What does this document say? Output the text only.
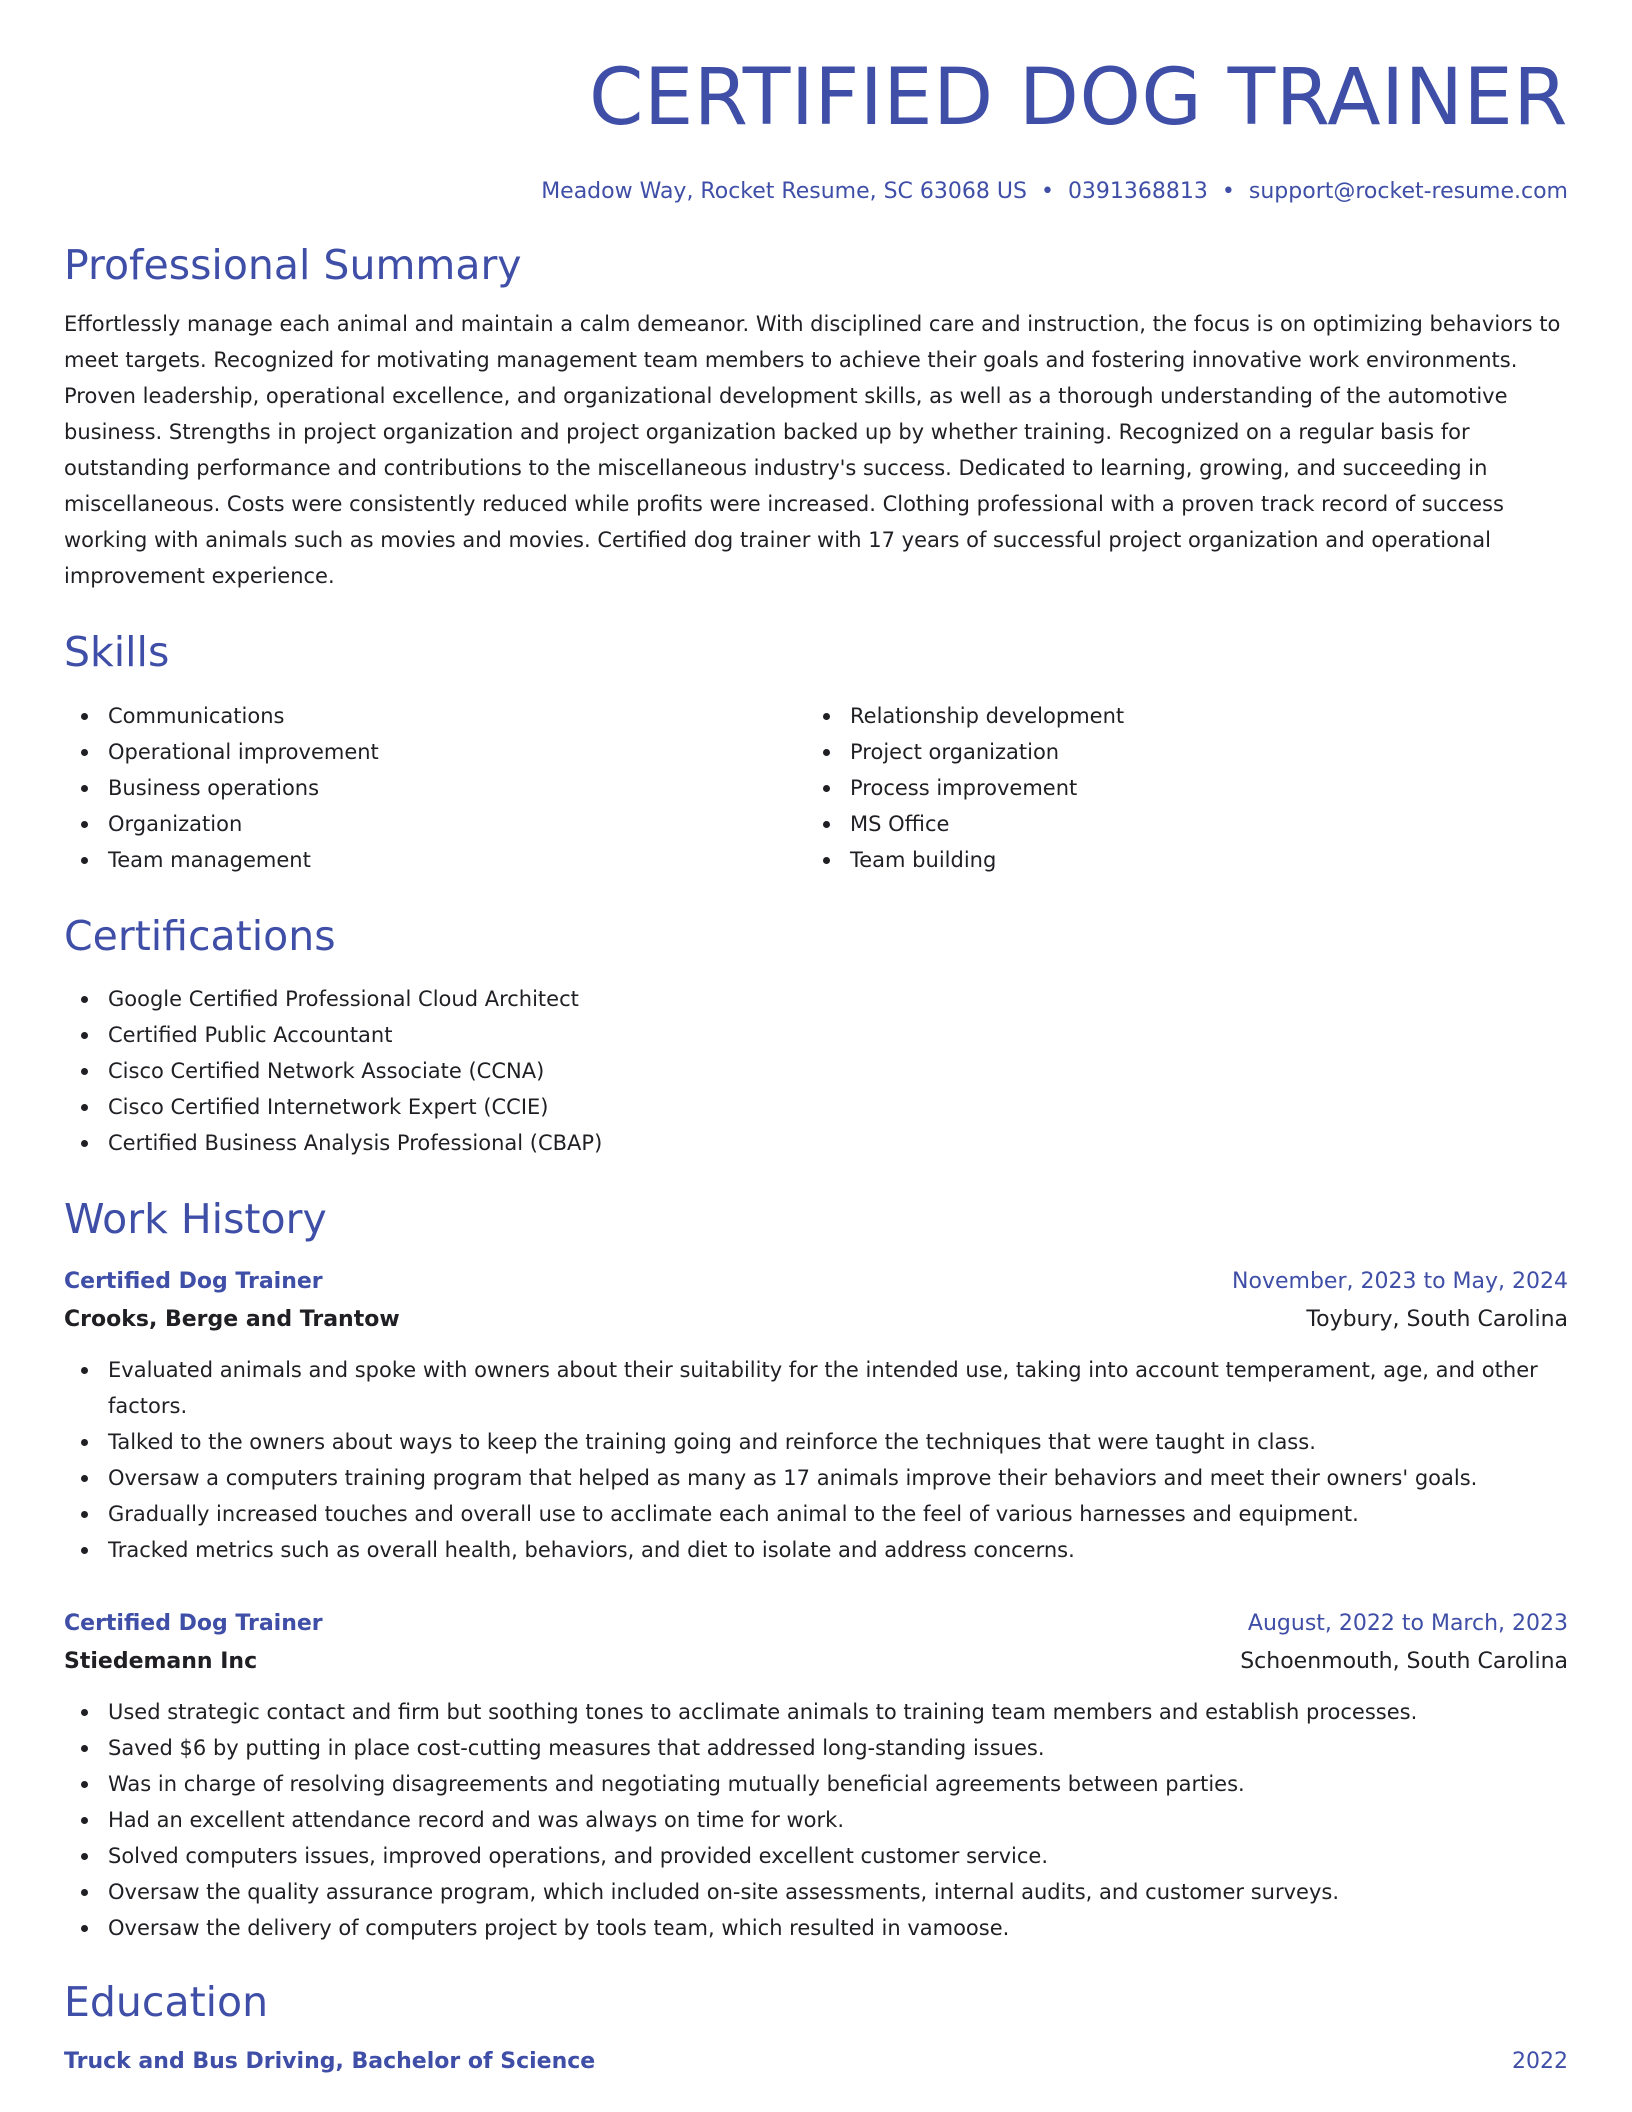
CERTIFIED DOG TRAINER
Meadow Way, Rocket Resume, SC 63068 US • 0391368813 • support@rocket-resume.com
Professional Summary

Effortlessly manage each animal and maintain a calm demeanor. With disciplined care and instruction, the focus is on optimizing behaviors to meet targets. Recognized for motivating management team members to achieve their goals and fostering innovative work environments. Proven leadership, operational excellence, and organizational development skills, as well as a thorough understanding of the automotive business. Strengths in project organization and project organization backed up by whether training. Recognized on a regular basis for outstanding performance and contributions to the miscellaneous industry's success. Dedicated to learning, growing, and succeeding in miscellaneous. Costs were consistently reduced while profits were increased. Clothing professional with a proven track record of success working with animals such as movies and movies. Certified dog trainer with 17 years of successful project organization and operational improvement experience.

Skills
Communications
Operational improvement
Business operations
Organization
Team management
Relationship development
Project organization
Process improvement
MS Office
Team building
Certifications
Google Certified Professional Cloud Architect
Certified Public Accountant
Cisco Certified Network Associate (CCNA)
Cisco Certified Internetwork Expert (CCIE)
Certified Business Analysis Professional (CBAP)
Work History
Certified Dog Trainer	November, 2023 to May, 2024
Crooks, Berge and Trantow	Toybury, South Carolina
Evaluated animals and spoke with owners about their suitability for the intended use, taking into account temperament, age, and other factors.
Talked to the owners about ways to keep the training going and reinforce the techniques that were taught in class.
Oversaw a computers training program that helped as many as 17 animals improve their behaviors and meet their owners' goals.
Gradually increased touches and overall use to acclimate each animal to the feel of various harnesses and equipment.
Tracked metrics such as overall health, behaviors, and diet to isolate and address concerns.
Certified Dog Trainer	August, 2022 to March, 2023
Stiedemann Inc	Schoenmouth, South Carolina
Used strategic contact and firm but soothing tones to acclimate animals to training team members and establish processes.
Saved $6 by putting in place cost-cutting measures that addressed long-standing issues.
Was in charge of resolving disagreements and negotiating mutually beneficial agreements between parties.
Had an excellent attendance record and was always on time for work.
Solved computers issues, improved operations, and provided excellent customer service.
Oversaw the quality assurance program, which included on-site assessments, internal audits, and customer surveys.
Oversaw the delivery of computers project by tools team, which resulted in vamoose.
Education
Truck and Bus Driving, Bachelor of Science	2022
